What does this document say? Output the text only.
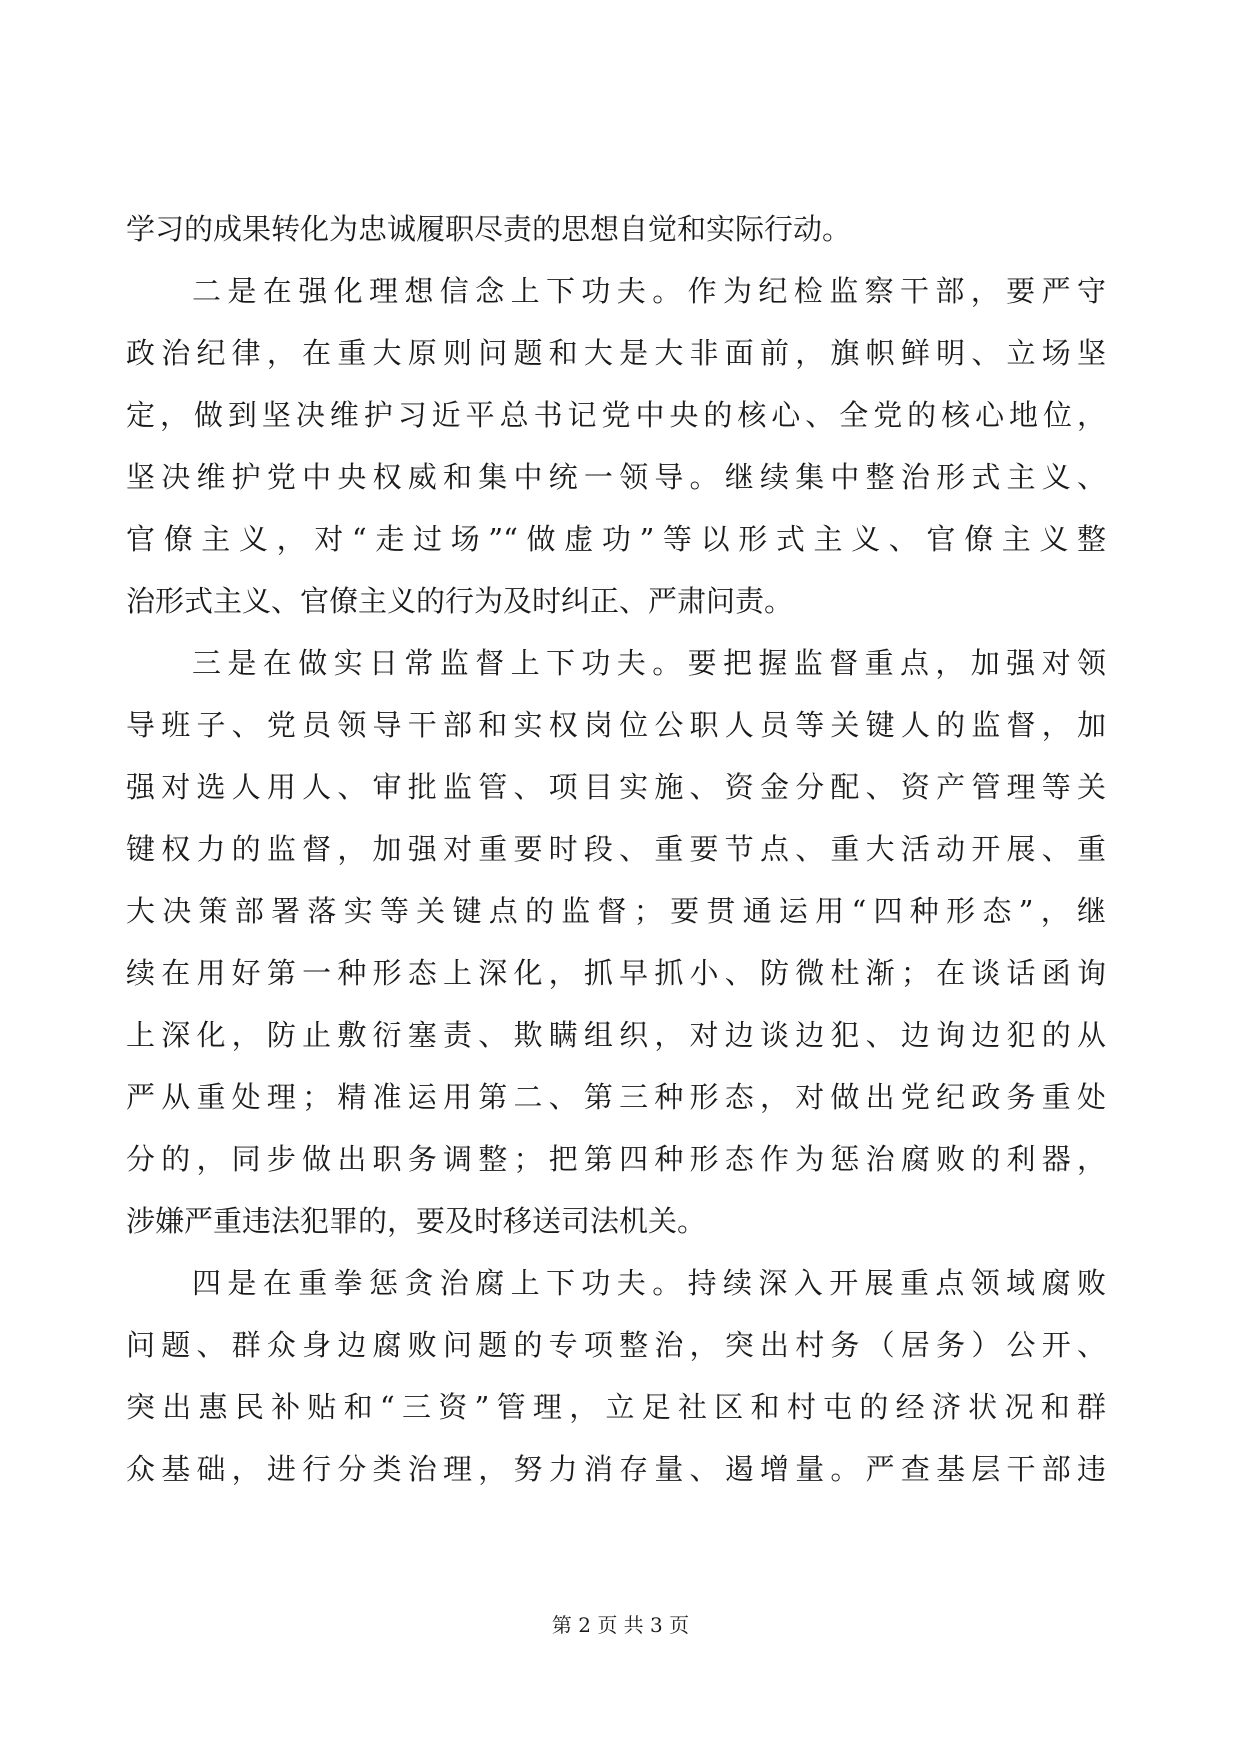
学习的成果转化为忠诚履职尽责的思想自觉和实际行动。
二是在强化理想信念上下功夫。作为纪检监察干部，要严守
政治纪律，在重大原则问题和大是大非面前，旗帜鲜明、立场坚
定，做到坚决维护习近平总书记党中央的核心、全党的核心地位，
坚决维护党中央权威和集中统一领导。继续集中整治形式主义、
官僚主义，对“走过场”“做虚功”等以形式主义、官僚主义整
治形式主义、官僚主义的行为及时纠正、严肃问责。
三是在做实日常监督上下功夫。要把握监督重点，加强对领
导班子、党员领导干部和实权岗位公职人员等关键人的监督，加
强对选人用人、审批监管、项目实施、资金分配、资产管理等关
键权力的监督，加强对重要时段、重要节点、重大活动开展、重
大决策部署落实等关键点的监督；要贯通运用“四种形态”，继
续在用好第一种形态上深化，抓早抓小、防微杜渐；在谈话函询
上深化，防止敷衍塞责、欺瞒组织，对边谈边犯、边询边犯的从
严从重处理；精准运用第二、第三种形态，对做出党纪政务重处
分的，同步做出职务调整；把第四种形态作为惩治腐败的利器，
涉嫌严重违法犯罪的，要及时移送司法机关。
四是在重拳惩贪治腐上下功夫。持续深入开展重点领域腐败
问题、群众身边腐败问题的专项整治，突出村务（居务）公开、
突出惠民补贴和“三资”管理，立足社区和村屯的经济状况和群
众基础，进行分类治理，努力消存量、遏增量。严查基层干部违
第 2 页 共 3 页
